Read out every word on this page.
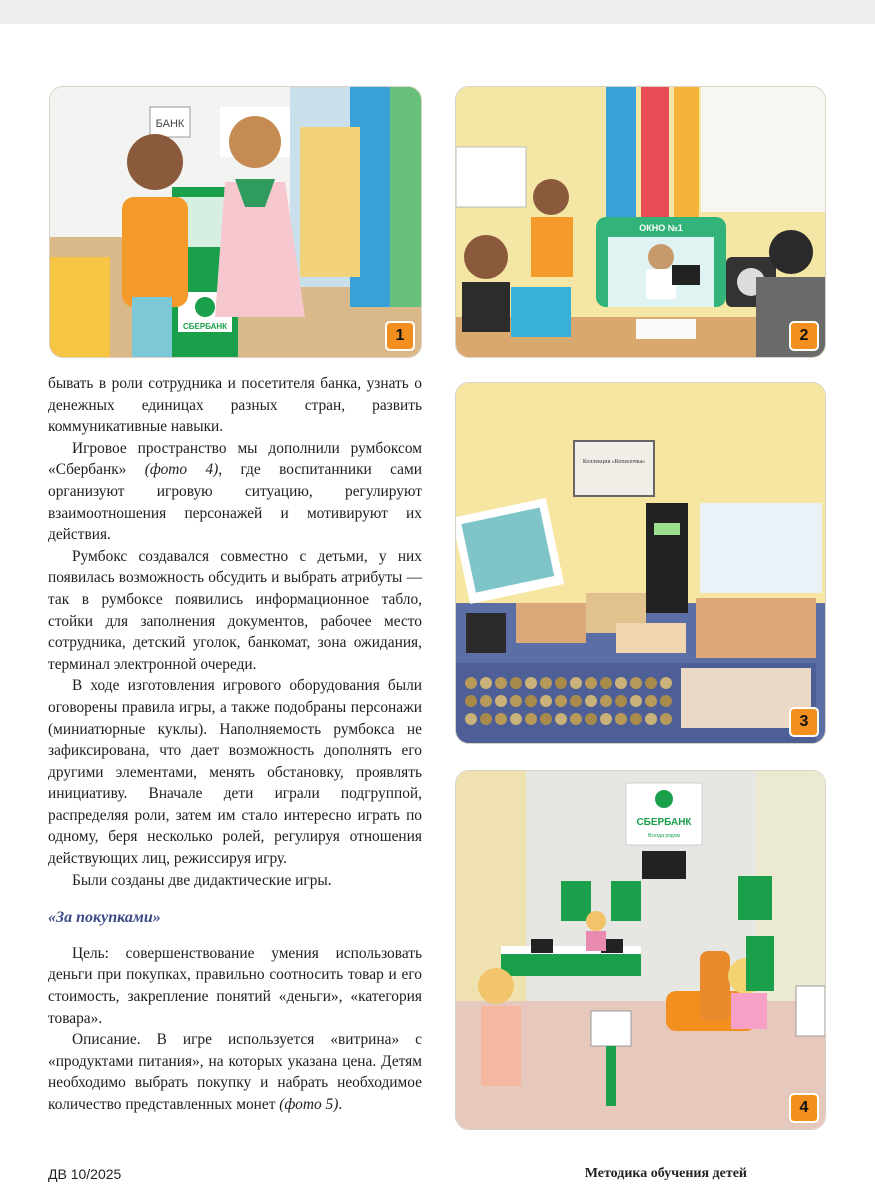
БАНК
СБЕРБАНК
1
ОКНО №1
2
Коллекция «Копилочка»
3
СБЕРБАНК
Всегда рядом
4

бывать в роли сотрудника и посетителя банка, узнать о денежных единицах разных стран, развить коммуникативные навыки.

Игровое пространство мы дополнили румбоксом «Сбербанк» (фото 4), где воспитанники сами организуют игровую ситуацию, регулируют взаимоотношения персонажей и мотивируют их действия.

Румбокс создавался совместно с детьми, у них появилась возможность обсудить и выбрать атрибуты — так в румбоксе появились информационное табло, стойки для заполнения документов, рабочее место сотрудника, детский уголок, банкомат, зона ожидания, терминал электронной очереди.

В ходе изготовления игрового оборудования были оговорены правила игры, а также подобраны персонажи (миниатюрные куклы). Наполняемость румбокса не зафиксирована, что дает возможность дополнять его другими элементами, менять обстановку, проявлять инициативу. Вначале дети играли подгруппой, распределяя роли, затем им стало интересно играть по одному, беря несколько ролей, регулируя отношения действующих лиц, режиссируя игру.

Были созданы две дидактические игры.

«За покупками»

Цель: совершенствование умения использовать деньги при покупках, правильно соотносить товар и его стоимость, закрепление понятий «деньги», «категория товара».

Описание. В игре используется «витрина» с «продуктами питания», на которых указана цена. Детям необходимо выбрать покупку и набрать необходимое количество представленных монет (фото 5).

ДВ 10/2025	Методика обучения детей
